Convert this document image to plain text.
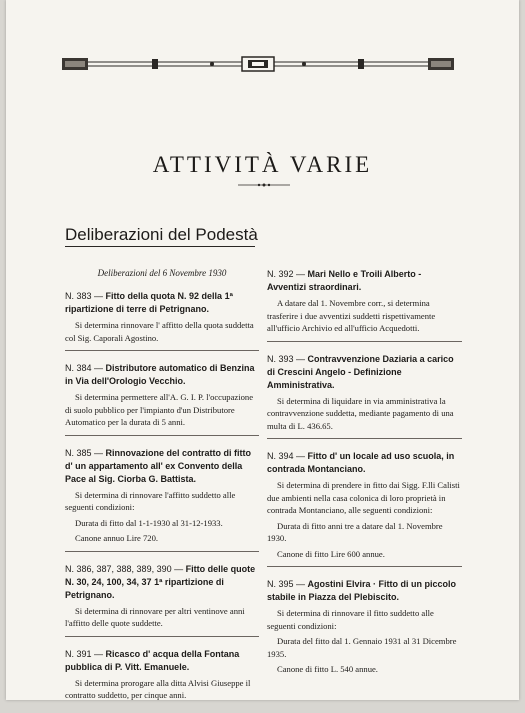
ATTIVITÀ VARIE
Deliberazioni del Podestà

Deliberazioni del 6 Novembre 1930

N. 383 — Fitto della quota N. 92 della 1ª ripartizione di terre di Petrignano.

Si determina rinnovare l' affitto della quota suddetta col Sig. Caporali Agostino.

N. 384 — Distributore automatico di Benzina in Via dell'Orologio Vecchio.

Si determina permettere all'A. G. I. P. l'occupazione di suolo pubblico per l'impianto d'un Distributore Automatico per la durata di 5 anni.

N. 385 — Rinnovazione del contratto di fitto d' un appartamento all' ex Convento della Pace al Sig. Ciorba G. Battista.

Si determina di rinnovare l'affitto suddetto alle seguenti condizioni:

Durata di fitto dal 1-1-1930 al 31-12-1933.

Canone annuo Lire 720.

N. 386, 387, 388, 389, 390 — Fitto delle quote N. 30, 24, 100, 34, 37 1ª ripartizione di Petrignano.

Si determina di rinnovare per altri ventinove anni l'affitto delle quote suddette.

N. 391 — Ricasco d' acqua della Fontana pubblica di P. Vitt. Emanuele.

Si determina prorogare alla ditta Alvisi Giuseppe il contratto suddetto, per cinque anni.

N. 392 — Mari Nello e Troili Alberto - Avventizi straordinari.

A datare dal 1. Novembre corr., si determina trasferire i due avventizi suddetti rispettivamente all'ufficio Archivio ed all'ufficio Acquedotti.

N. 393 — Contravvenzione Daziaria a carico di Crescini Angelo - Definizione Amministrativa.

Si determina di liquidare in via amministrativa la contravvenzione suddetta, mediante pagamento di una multa di L. 436.65.

N. 394 — Fitto d' un locale ad uso scuola, in contrada Montanciano.

Si determina di prendere in fitto dai Sigg. F.lli Calisti due ambienti nella casa colonica di loro proprietà in contrada Montanciano, alle seguenti condizioni:

Durata di fitto anni tre a datare dal 1. Novembre 1930.

Canone di fitto Lire 600 annue.

N. 395 — Agostini Elvira · Fitto di un piccolo stabile in Piazza del Plebiscito.

Si determina di rinnovare il fitto suddetto alle seguenti condizioni:

Durata del fitto dal 1. Gennaio 1931 al 31 Dicembre 1935.

Canone di fitto L. 540 annue.
